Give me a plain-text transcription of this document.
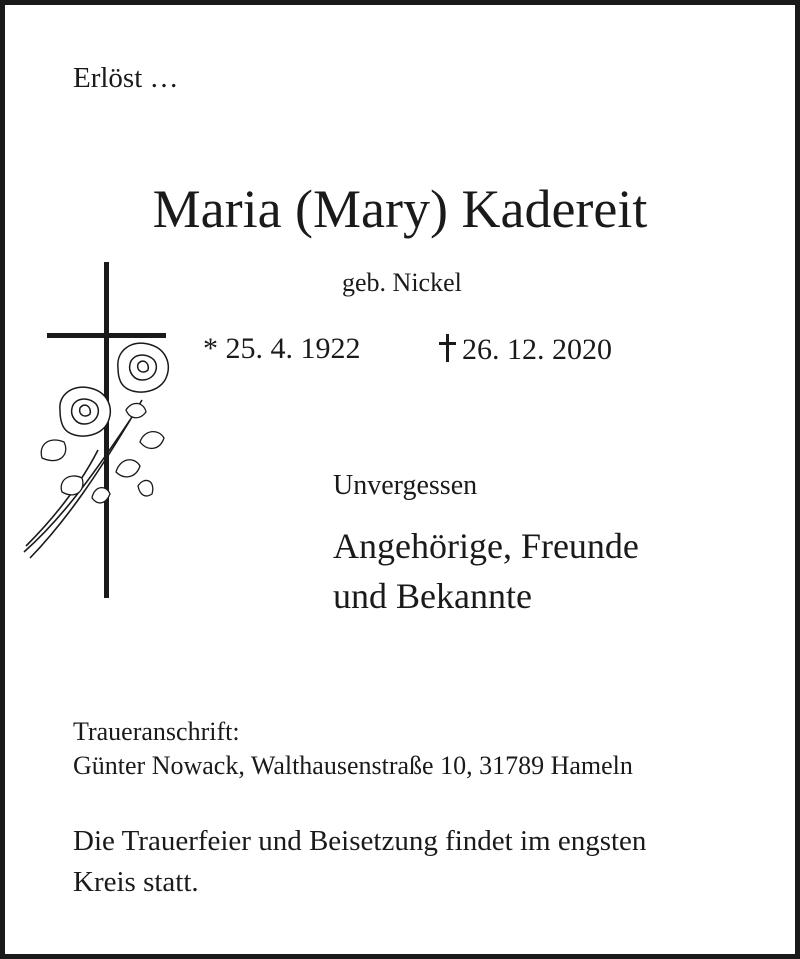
Erlöst …
Maria (Mary) Kadereit
geb. Nickel
* 25. 4. 1922	26. 12. 2020
Unvergessen
Angehörige, Freunde
und Bekannte
Traueranschrift:
Günter Nowack, Walthausenstraße 10, 31789 Hameln
Die Trauerfeier und Beisetzung findet im engsten
Kreis statt.
